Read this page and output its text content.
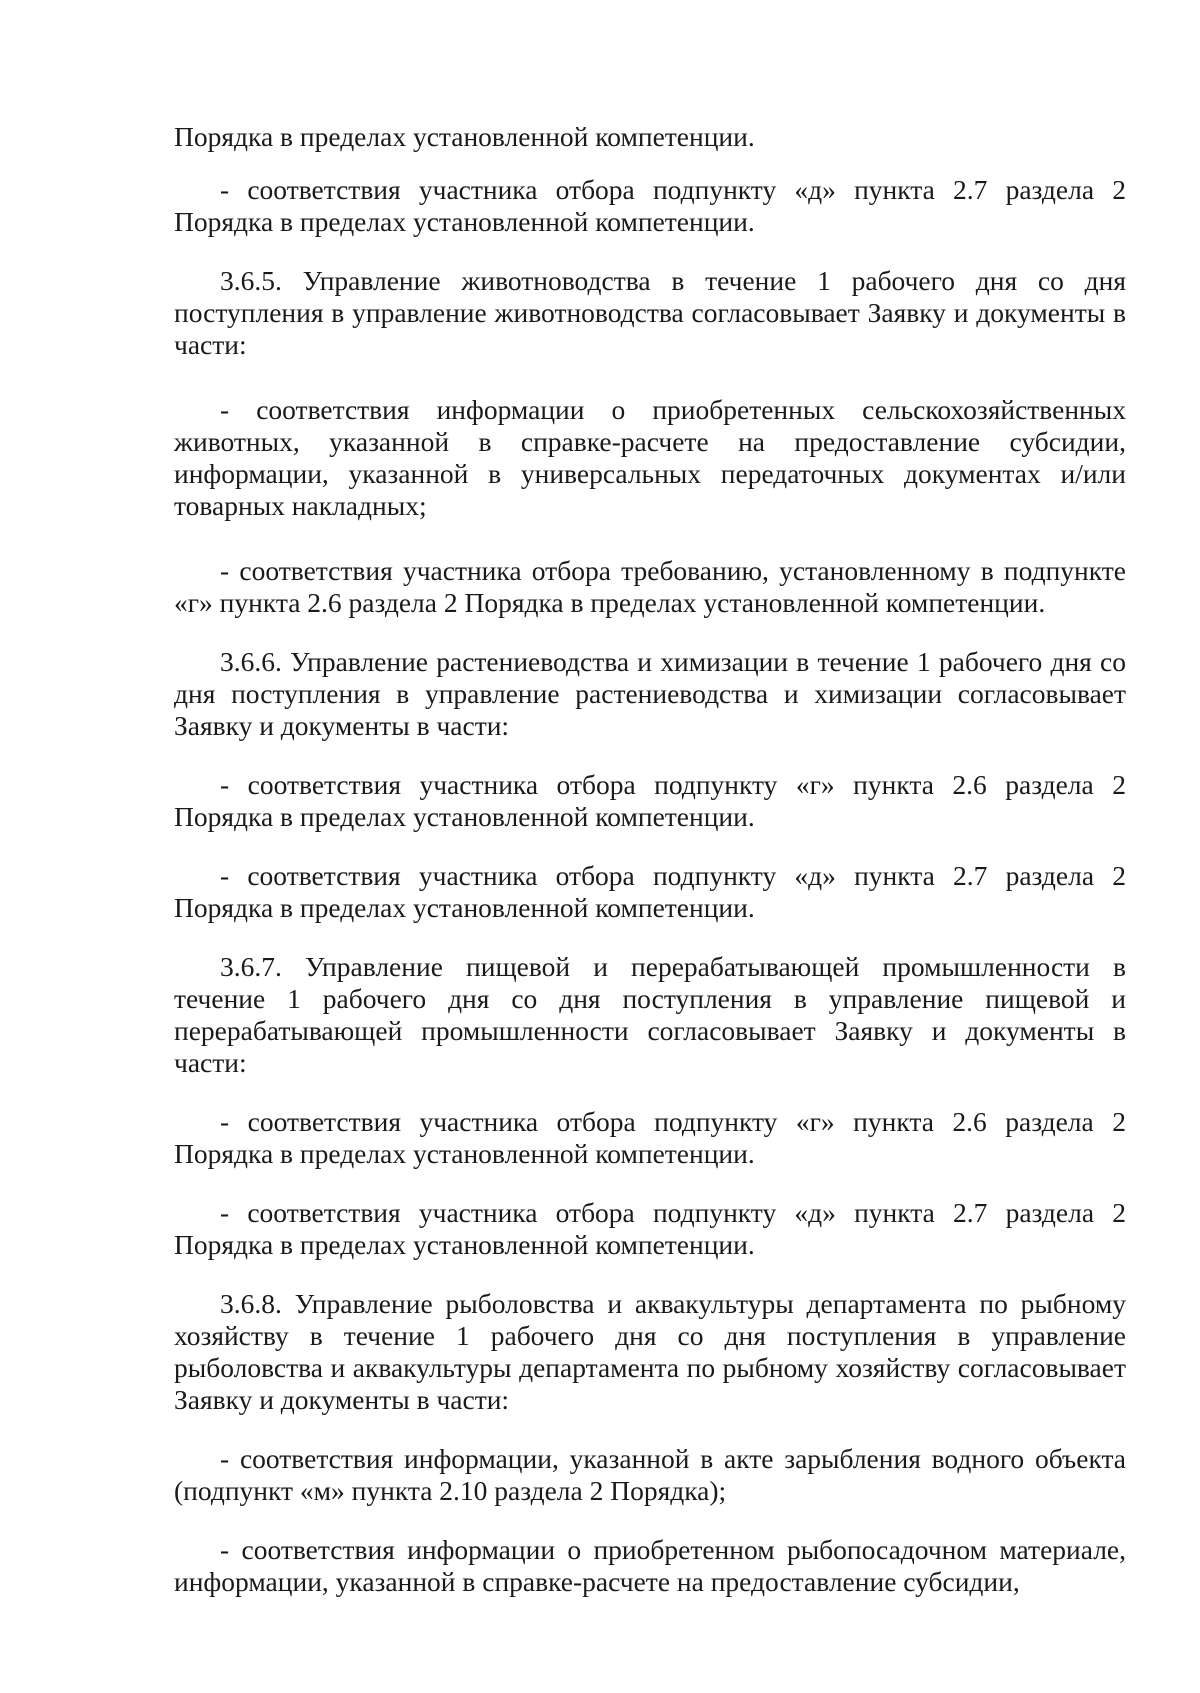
Порядка в пределах установленной компетенции.

- соответствия участника отбора подпункту «д» пункта 2.7 раздела 2 Порядка в пределах установленной компетенции.

3.6.5. Управление животноводства в течение 1 рабочего дня со дня поступления в управление животноводства согласовывает Заявку и документы в части:

- соответствия информации о приобретенных сельскохозяйственных животных, указанной в справке-расчете на предоставление субсидии, информации, указанной в универсальных передаточных документах и/или товарных накладных;

- соответствия участника отбора требованию, установленному в подпункте «г» пункта 2.6 раздела 2 Порядка в пределах установленной компетенции.

3.6.6. Управление растениеводства и химизации в течение 1 рабочего дня со дня поступления в управление растениеводства и химизации согласовывает Заявку и документы в части:

- соответствия участника отбора подпункту «г» пункта 2.6 раздела 2 Порядка в пределах установленной компетенции.

- соответствия участника отбора подпункту «д» пункта 2.7 раздела 2 Порядка в пределах установленной компетенции.

3.6.7. Управление пищевой и перерабатывающей промышленности в течение 1 рабочего дня со дня поступления в управление пищевой и перерабатывающей промышленности согласовывает Заявку и документы в части:

- соответствия участника отбора подпункту «г» пункта 2.6 раздела 2 Порядка в пределах установленной компетенции.

- соответствия участника отбора подпункту «д» пункта 2.7 раздела 2 Порядка в пределах установленной компетенции.

3.6.8. Управление рыболовства и аквакультуры департамента по рыбному хозяйству в течение 1 рабочего дня со дня поступления в управление рыболовства и аквакультуры департамента по рыбному хозяйству согласовывает Заявку и документы в части:

- соответствия информации, указанной в акте зарыбления водного объекта (подпункт «м» пункта 2.10 раздела 2 Порядка);

- соответствия информации о приобретенном рыбопосадочном материале, информации, указанной в справке-расчете на предоставление субсидии,
